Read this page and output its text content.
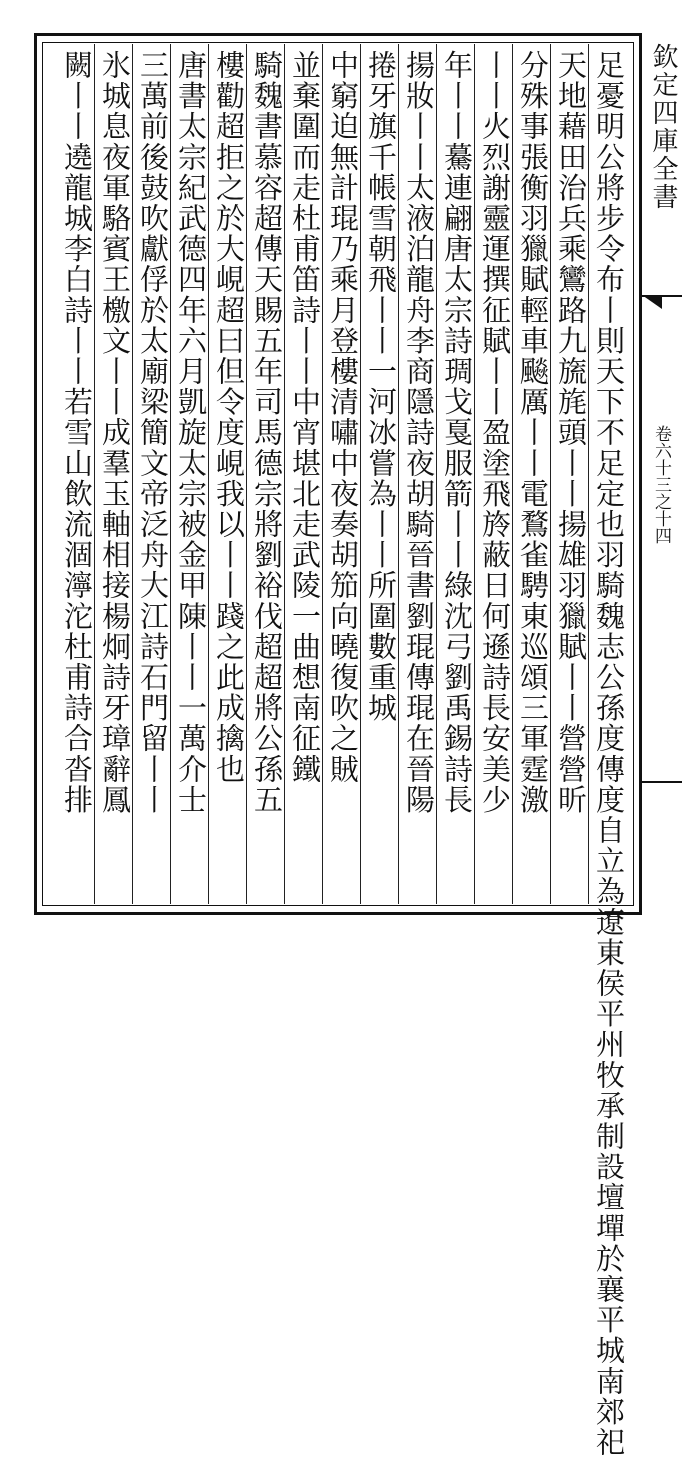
欽定四庫全書
卷六十三之十四
足憂明公將步令布丨則天下不足定也羽騎魏志公孫度傳度自立為遼東侯平州牧承制設壇墠於襄平城南郊祀
天地藉田治兵乘鸞路九旒旄頭丨丨揚雄羽獵賦丨丨營營昕
分殊事張衡羽獵賦輕車飈厲丨丨電鶩雀騁東巡頌三軍霆激
丨丨火烈謝靈運撰征賦丨丨盈塗飛旍蔽日何遜詩長安美少
年丨丨驀連翩唐太宗詩琱戈戛服箭丨丨綠沈弓劉禹錫詩長
揚妝丨丨太液泊龍舟李商隱詩夜胡騎晉書劉琨傳琨在晉陽
捲牙旗千帳雪朝飛丨丨一河冰嘗為丨丨所圍數重城
中窮迫無計琨乃乘月登樓清嘯中夜奏胡笳向曉復吹之賊
並棄圍而走杜甫笛詩丨丨中宵堪北走武陵一曲想南征鐵
騎魏書慕容超傳天賜五年司馬德宗將劉裕伐超超將公孫五
樓勸超拒之於大峴超曰但令度峴我以丨丨踐之此成擒也
唐書太宗紀武德四年六月凱旋太宗被金甲陳丨丨一萬介士
三萬前後鼓吹獻俘於太廟梁簡文帝泛舟大江詩石門留丨丨
氷城息夜軍駱賓王檄文丨丨成羣玉軸相接楊炯詩牙璋辭鳳
闕丨丨遶龍城李白詩丨丨若雪山飲流涸濘沱杜甫詩合沓排
